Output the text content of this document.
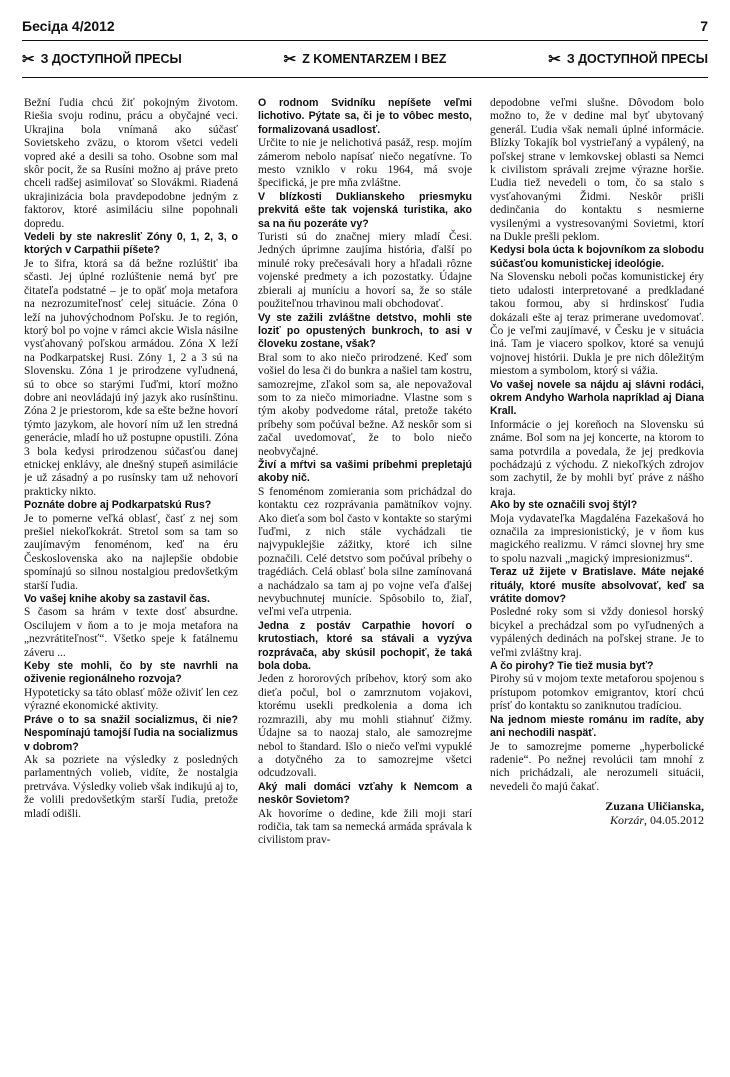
Бесіда 4/2012	7
✂ З ДОСТУПНОЙ ПРЕСЫ	✂ Z KOMENTARZEM I BEZ	✂ З ДОСТУПНОЙ ПРЕСЫ

Bežní ľudia chcú žiť pokojným životom. Riešia svoju rodinu, prácu a obyčajné veci. Ukrajina bola vnímaná ako súčasť Sovietskeho zväzu, o ktorom všetci vedeli vopred aké a desili sa toho. Osobne som mal skôr pocit, že sa Rusíni možno aj práve preto chceli radšej asimilovať so Slovákmi. Riadená ukrajinizácia bola pravdepodobne jedným z faktorov, ktoré asimiláciu silne popohnali dopredu.

Vedeli by ste nakresliť Zóny 0, 1, 2, 3, o ktorých v Carpathii píšete?

Je to šifra, ktorá sa dá bežne rozlúštiť iba sčasti. Jej úplné rozlúštenie nemá byť pre čitateľa podstatné – je to opäť moja metafora na nezrozumiteľnosť celej situácie. Zóna 0 leží na juhovýchodnom Poľsku. Je to región, ktorý bol po vojne v rámci akcie Wisla násilne vysťahovaný poľskou armádou. Zóna X leží na Podkarpatskej Rusi. Zóny 1, 2 a 3 sú na Slovensku. Zóna 1 je prirodzene vyľudnená, sú to obce so starými ľuďmi, ktorí možno dobre ani neovládajú iný jazyk ako rusínštinu. Zóna 2 je priestorom, kde sa ešte bežne hovorí týmto jazykom, ale hovorí ním už len stredná generácie, mladí ho už postupne opustili. Zóna 3 bola kedysi prirodzenou súčasťou danej etnickej enklávy, ale dnešný stupeň asimilácie je už zásadný a po rusínsky tam už nehovorí prakticky nikto.

Poznáte dobre aj Podkarpatskú Rus?

Je to pomerne veľká oblasť, časť z nej som prešiel niekoľkokrát. Stretol som sa tam so zaujímavým fenoménom, keď na éru Československa ako na najlepšie obdobie spomínajú so silnou nostalgiou predovšetkým starší ľudia.

Vo vašej knihe akoby sa zastavil čas.

S časom sa hrám v texte dosť absurdne. Oscilujem v ňom a to je moja metafora na „nezvrátiteľnosť“. Všetko speje k fatálnemu záveru ...

Keby ste mohli, čo by ste navrhli na oživenie regionálneho rozvoja?

Hypoteticky sa táto oblasť môže oživiť len cez výrazné ekonomické aktivity.

Práve o to sa snažil socializmus, či nie? Nespomínajú tamojší ľudia na socializmus v dobrom?

Ak sa pozriete na výsledky z posledných parlamentných volieb, vidíte, že nostalgia pretrváva. Výsledky volieb však indikujú aj to, že volili predovšetkým starší ľudia, pretože mladí odišli.

O rodnom Svidníku nepíšete veľmi lichotivo. Pýtate sa, či je to vôbec mesto, formalizovaná usadlosť.

Určite to nie je nelichotivá pasáž, resp. mojím zámerom nebolo napísať niečo negatívne. To mesto vzniklo v roku 1964, má svoje špecifická, je pre mňa zvláštne.

V blízkosti Duklianskeho priesmyku prekvitá ešte tak vojenská turistika, ako sa na ňu pozeráte vy?

Turisti sú do značnej miery mladí Česi. Jedných úprimne zaujíma história, ďalší po minulé roky prečesávali hory a hľadali rôzne vojenské predmety a ich pozostatky. Údajne zbierali aj muníciu a hovorí sa, že so stále použiteľnou trhavinou mali obchodovať.

Vy ste zažili zvláštne detstvo, mohli ste loziť po opustených bunkroch, to asi v človeku zostane, však?

Bral som to ako niečo prirodzené. Keď som vošiel do lesa či do bunkra a našiel tam kostru, samozrejme, zľakol som sa, ale nepovažoval som to za niečo mimoriadne. Vlastne som s tým akoby podvedome rátal, pretože takéto príbehy som počúval bežne. Až neskôr som si začal uvedomovať, že to bolo niečo neobvyčajné.

Živí a mŕtvi sa vašimi príbehmi prepletajú akoby nič.

S fenoménom zomierania som prichádzal do kontaktu cez rozprávania pamätníkov vojny. Ako dieťa som bol často v kontakte so starými ľuďmi, z nich stále vychádzali tie najvypuklejšie zážitky, ktoré ich silne poznačili. Celé detstvo som počúval príbehy o tragédiách. Celá oblasť bola silne zamínovaná a nachádzalo sa tam aj po vojne veľa ďalšej nevybuchnutej munície. Spôsobilo to, žiaľ, veľmi veľa utrpenia.

Jedna z postáv Carpathie hovorí o krutostiach, ktoré sa stávali a vyzýva rozprávača, aby skúsil pochopiť, že taká bola doba.

Jeden z hororových príbehov, ktorý som ako dieťa počul, bol o zamrznutom vojakovi, ktorému usekli predkolenia a doma ich rozmrazili, aby mu mohli stiahnuť čižmy. Údajne sa to naozaj stalo, ale samozrejme nebol to štandard. Išlo o niečo veľmi vypuklé a dotyčného za to samozrejme všetci odcudzovali.

Aký mali domáci vzťahy k Nemcom a neskôr Sovietom?

Ak hovoríme o dedine, kde žili moji starí rodičia, tak tam sa nemecká armáda správala k civilistom prav-

depodobne veľmi slušne. Dôvodom bolo možno to, že v dedine mal byť ubytovaný generál. Ľudia však nemali úplné informácie. Blízky Tokajík bol vystrieľaný a vypálený, na poľskej strane v lemkovskej oblasti sa Nemci k civilistom správali zrejme výrazne horšie. Ľudia tiež nevedeli o tom, čo sa stalo s vysťahovanými Židmi. Neskôr prišli dedinčania do kontaktu s nesmierne vysilenými a vystresovanými Sovietmi, ktorí na Dukle prešli peklom.

Kedysi bola úcta k bojovníkom za slobodu súčasťou komunistickej ideológie.

Na Slovensku neboli počas komunistickej éry tieto udalosti interpretované a predkladané takou formou, aby si hrdinskosť ľudia dokázali ešte aj teraz primerane uvedomovať. Čo je veľmi zaujímavé, v Česku je v situácia iná. Tam je viacero spolkov, ktoré sa venujú vojnovej histórii. Dukla je pre nich dôležitým miestom a symbolom, ktorý si vážia.

Vo vašej novele sa nájdu aj slávni rodáci, okrem Andyho Warhola napríklad aj Diana Krall.

Informácie o jej koreňoch na Slovensku sú známe. Bol som na jej koncerte, na ktorom to sama potvrdila a povedala, že jej predkovia pochádzajú z východu. Z niekoľkých zdrojov som zachytil, že by mohli byť práve z nášho kraja.

Ako by ste označili svoj štýl?

Moja vydavateľka Magdaléna Fazekašová ho označila za impresionistický, je v ňom kus magického realizmu. V rámci slovnej hry sme to spolu nazvali „magický impresionizmus“.

Teraz už žijete v Bratislave. Máte nejaké rituály, ktoré musíte absolvovať, keď sa vrátite domov?

Posledné roky som si vždy doniesol horský bicykel a prechádzal som po vyľudnených a vypálených dedinách na poľskej strane. Je to veľmi zvláštny kraj.

A čo pirohy? Tie tiež musia byť?

Pirohy sú v mojom texte metaforou spojenou s prístupom potomkov emigrantov, ktorí chcú prísť do kontaktu so zaniknutou tradíciou.

Na jednom mieste románu im radíte, aby ani nechodili naspäť.

Je to samozrejme pomerne „hyperbolické radenie“. Po nežnej revolúcii tam mnohí z nich prichádzali, ale nerozumeli situácii, nevedeli čo majú čakať.

Zuzana Uličianska,
Korzár, 04.05.2012
